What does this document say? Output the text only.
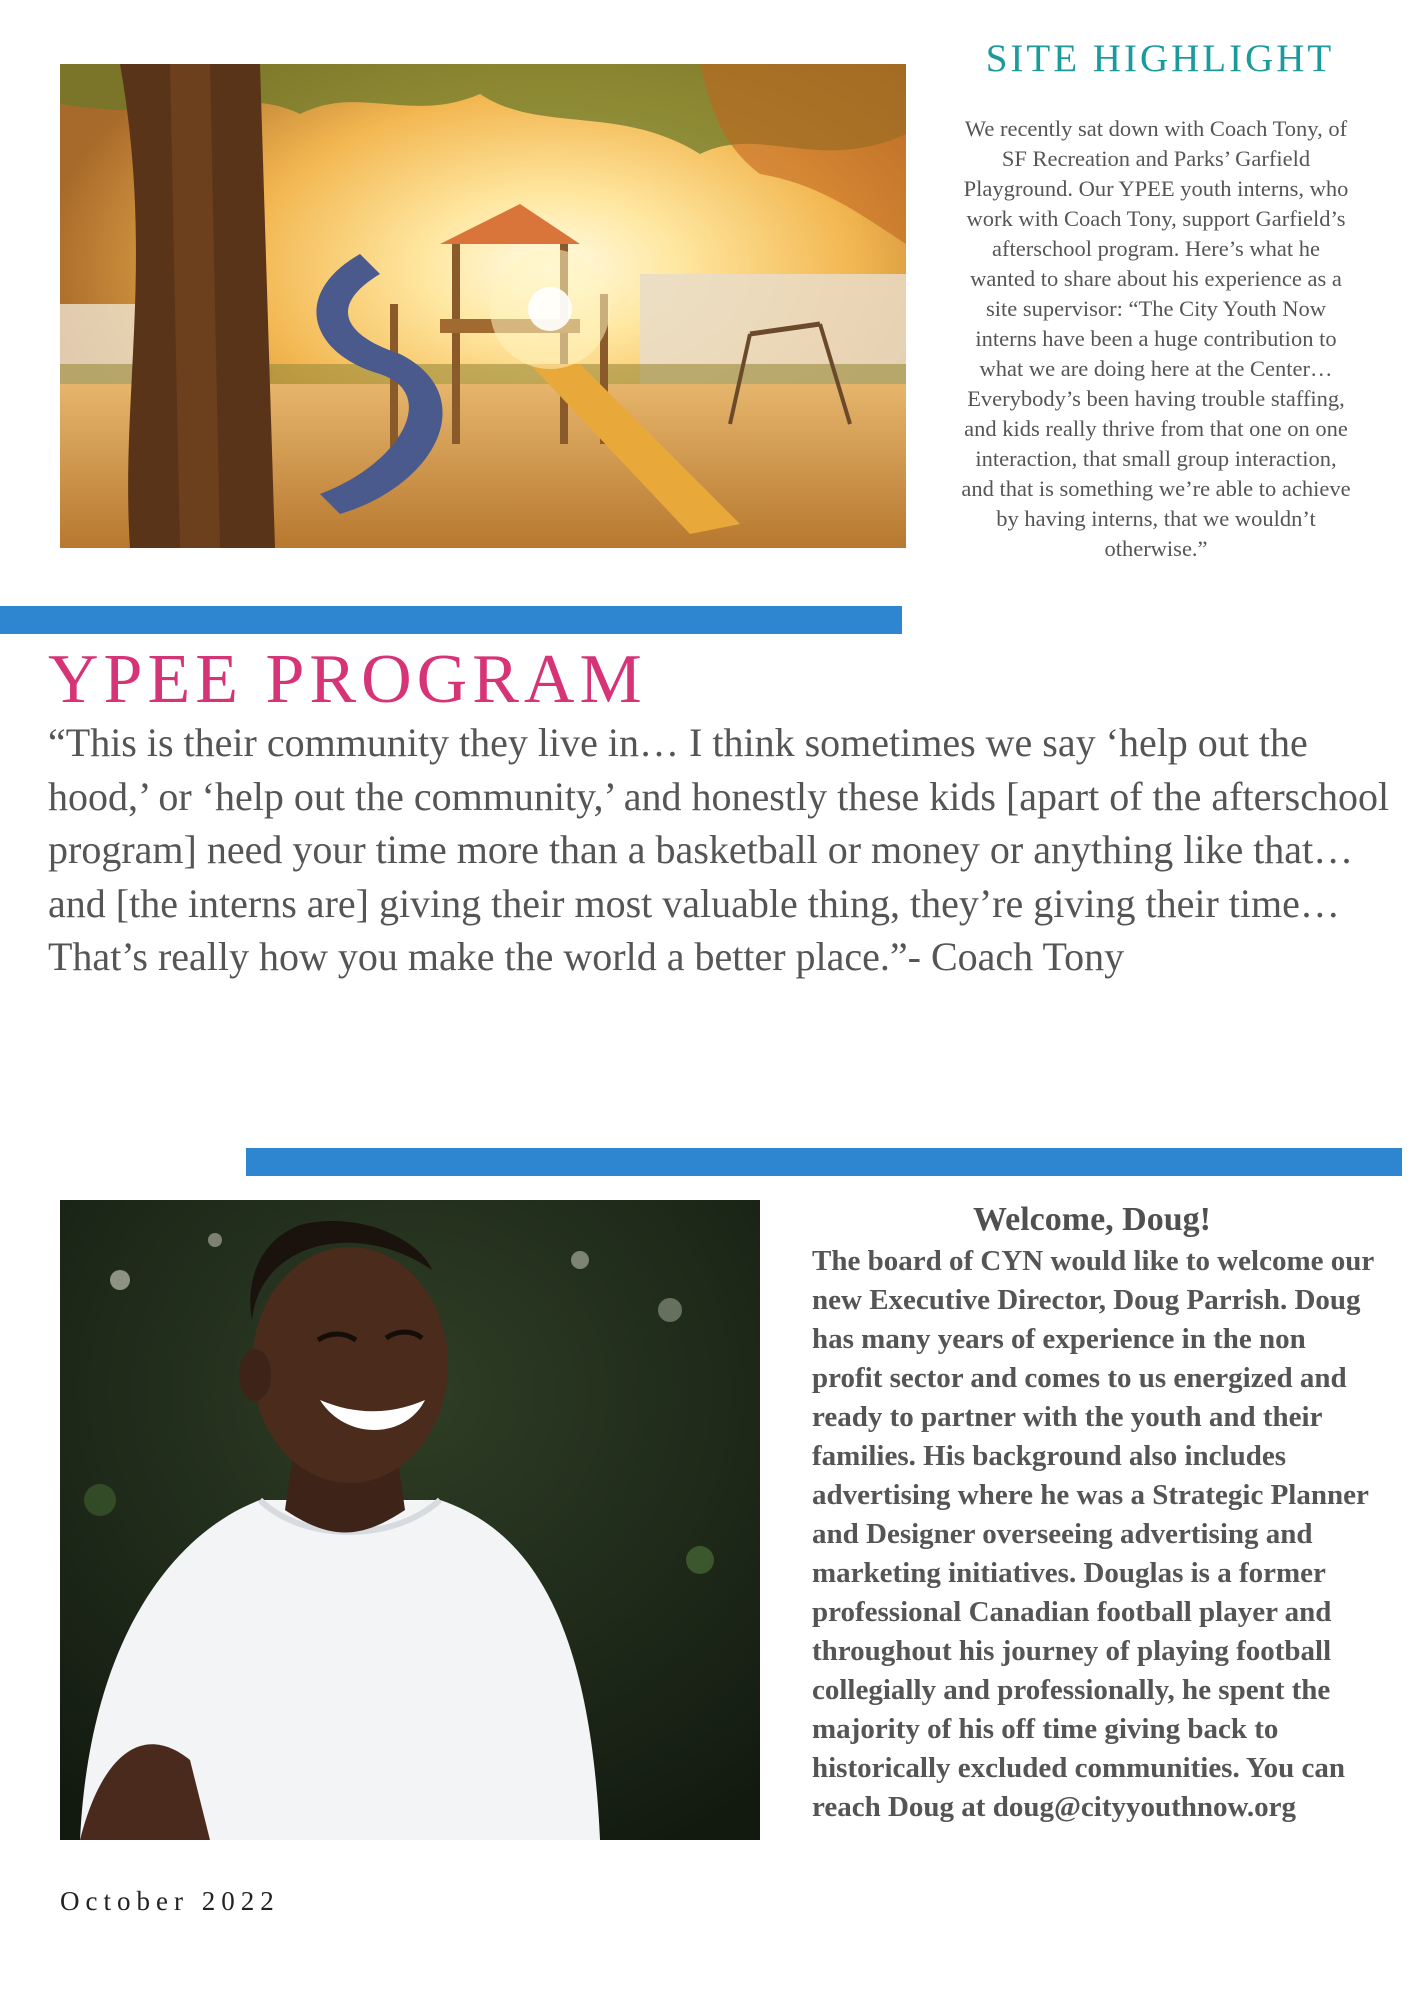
SITE HIGHLIGHT

We recently sat down with Coach Tony, of SF Recreation and Parks’ Garfield Playground. Our YPEE youth interns, who work with Coach Tony, support Garfield’s afterschool program. Here’s what he wanted to share about his experience as a site supervisor: “The City Youth Now interns have been a huge contribution to what we are doing here at the Center… Everybody’s been having trouble staffing, and kids really thrive from that one on one interaction, that small group interaction, and that is something we’re able to achieve by having interns, that we wouldn’t otherwise.”

YPEE PROGRAM

“This is their community they live in… I think sometimes we say ‘help out the hood,’ or ‘help out the community,’ and honestly these kids [apart of the afterschool program] need your time more than a basketball or money or anything like that… and [the interns are] giving their most valuable thing, they’re giving their time… That’s really how you make the world a better place.”- Coach Tony

Welcome, Doug!

The board of CYN would like to welcome our new Executive Director, Doug Parrish. Doug has many years of experience in the non profit sector and comes to us energized and ready to partner with the youth and their families. His background also includes advertising where he was a Strategic Planner and Designer overseeing advertising and marketing initiatives. Douglas is a former professional Canadian football player and throughout his journey of playing football collegially and professionally, he spent the majority of his off time giving back to historically excluded communities. You can reach Doug at doug@cityyouthnow.org

October 2022
